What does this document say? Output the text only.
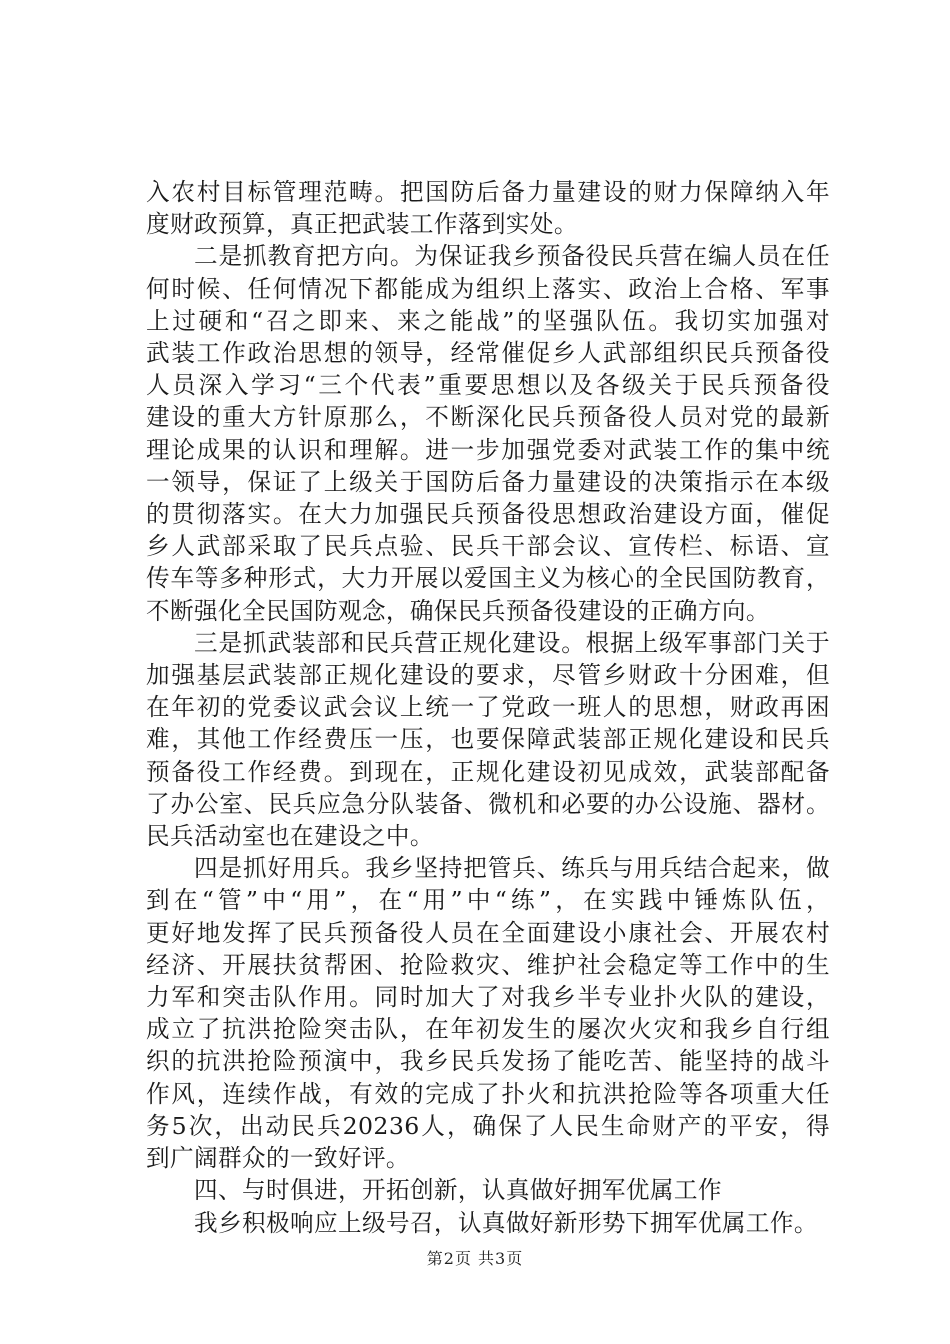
入农村目标管理范畴。把国防后备力量建设的财力保障纳入年

度财政预算，真正把武装工作落到实处。

二是抓教育把方向。为保证我乡预备役民兵营在编人员在任

何时候、任何情况下都能成为组织上落实、政治上合格、军事

上过硬和“召之即来、来之能战”的坚强队伍。我切实加强对

武装工作政治思想的领导，经常催促乡人武部组织民兵预备役

人员深入学习“三个代表”重要思想以及各级关于民兵预备役

建设的重大方针原那么，不断深化民兵预备役人员对党的最新

理论成果的认识和理解。进一步加强党委对武装工作的集中统

一领导，保证了上级关于国防后备力量建设的决策指示在本级

的贯彻落实。在大力加强民兵预备役思想政治建设方面，催促

乡人武部采取了民兵点验、民兵干部会议、宣传栏、标语、宣

传车等多种形式，大力开展以爱国主义为核心的全民国防教育，

不断强化全民国防观念，确保民兵预备役建设的正确方向。

三是抓武装部和民兵营正规化建设。根据上级军事部门关于

加强基层武装部正规化建设的要求，尽管乡财政十分困难，但

在年初的党委议武会议上统一了党政一班人的思想，财政再困

难，其他工作经费压一压，也要保障武装部正规化建设和民兵

预备役工作经费。到现在，正规化建设初见成效，武装部配备

了办公室、民兵应急分队装备、微机和必要的办公设施、器材。

民兵活动室也在建设之中。

四是抓好用兵。我乡坚持把管兵、练兵与用兵结合起来，做

到在“管”中“用”，在“用”中“练”，在实践中锤炼队伍，

更好地发挥了民兵预备役人员在全面建设小康社会、开展农村

经济、开展扶贫帮困、抢险救灾、维护社会稳定等工作中的生

力军和突击队作用。同时加大了对我乡半专业扑火队的建设，

成立了抗洪抢险突击队，在年初发生的屡次火灾和我乡自行组

织的抗洪抢险预演中，我乡民兵发扬了能吃苦、能坚持的战斗

作风，连续作战，有效的完成了扑火和抗洪抢险等各项重大任

务5次，出动民兵20236人，确保了人民生命财产的平安，得

到广阔群众的一致好评。

四、与时俱进，开拓创新，认真做好拥军优属工作

我乡积极响应上级号召，认真做好新形势下拥军优属工作。

第2页 共3页
